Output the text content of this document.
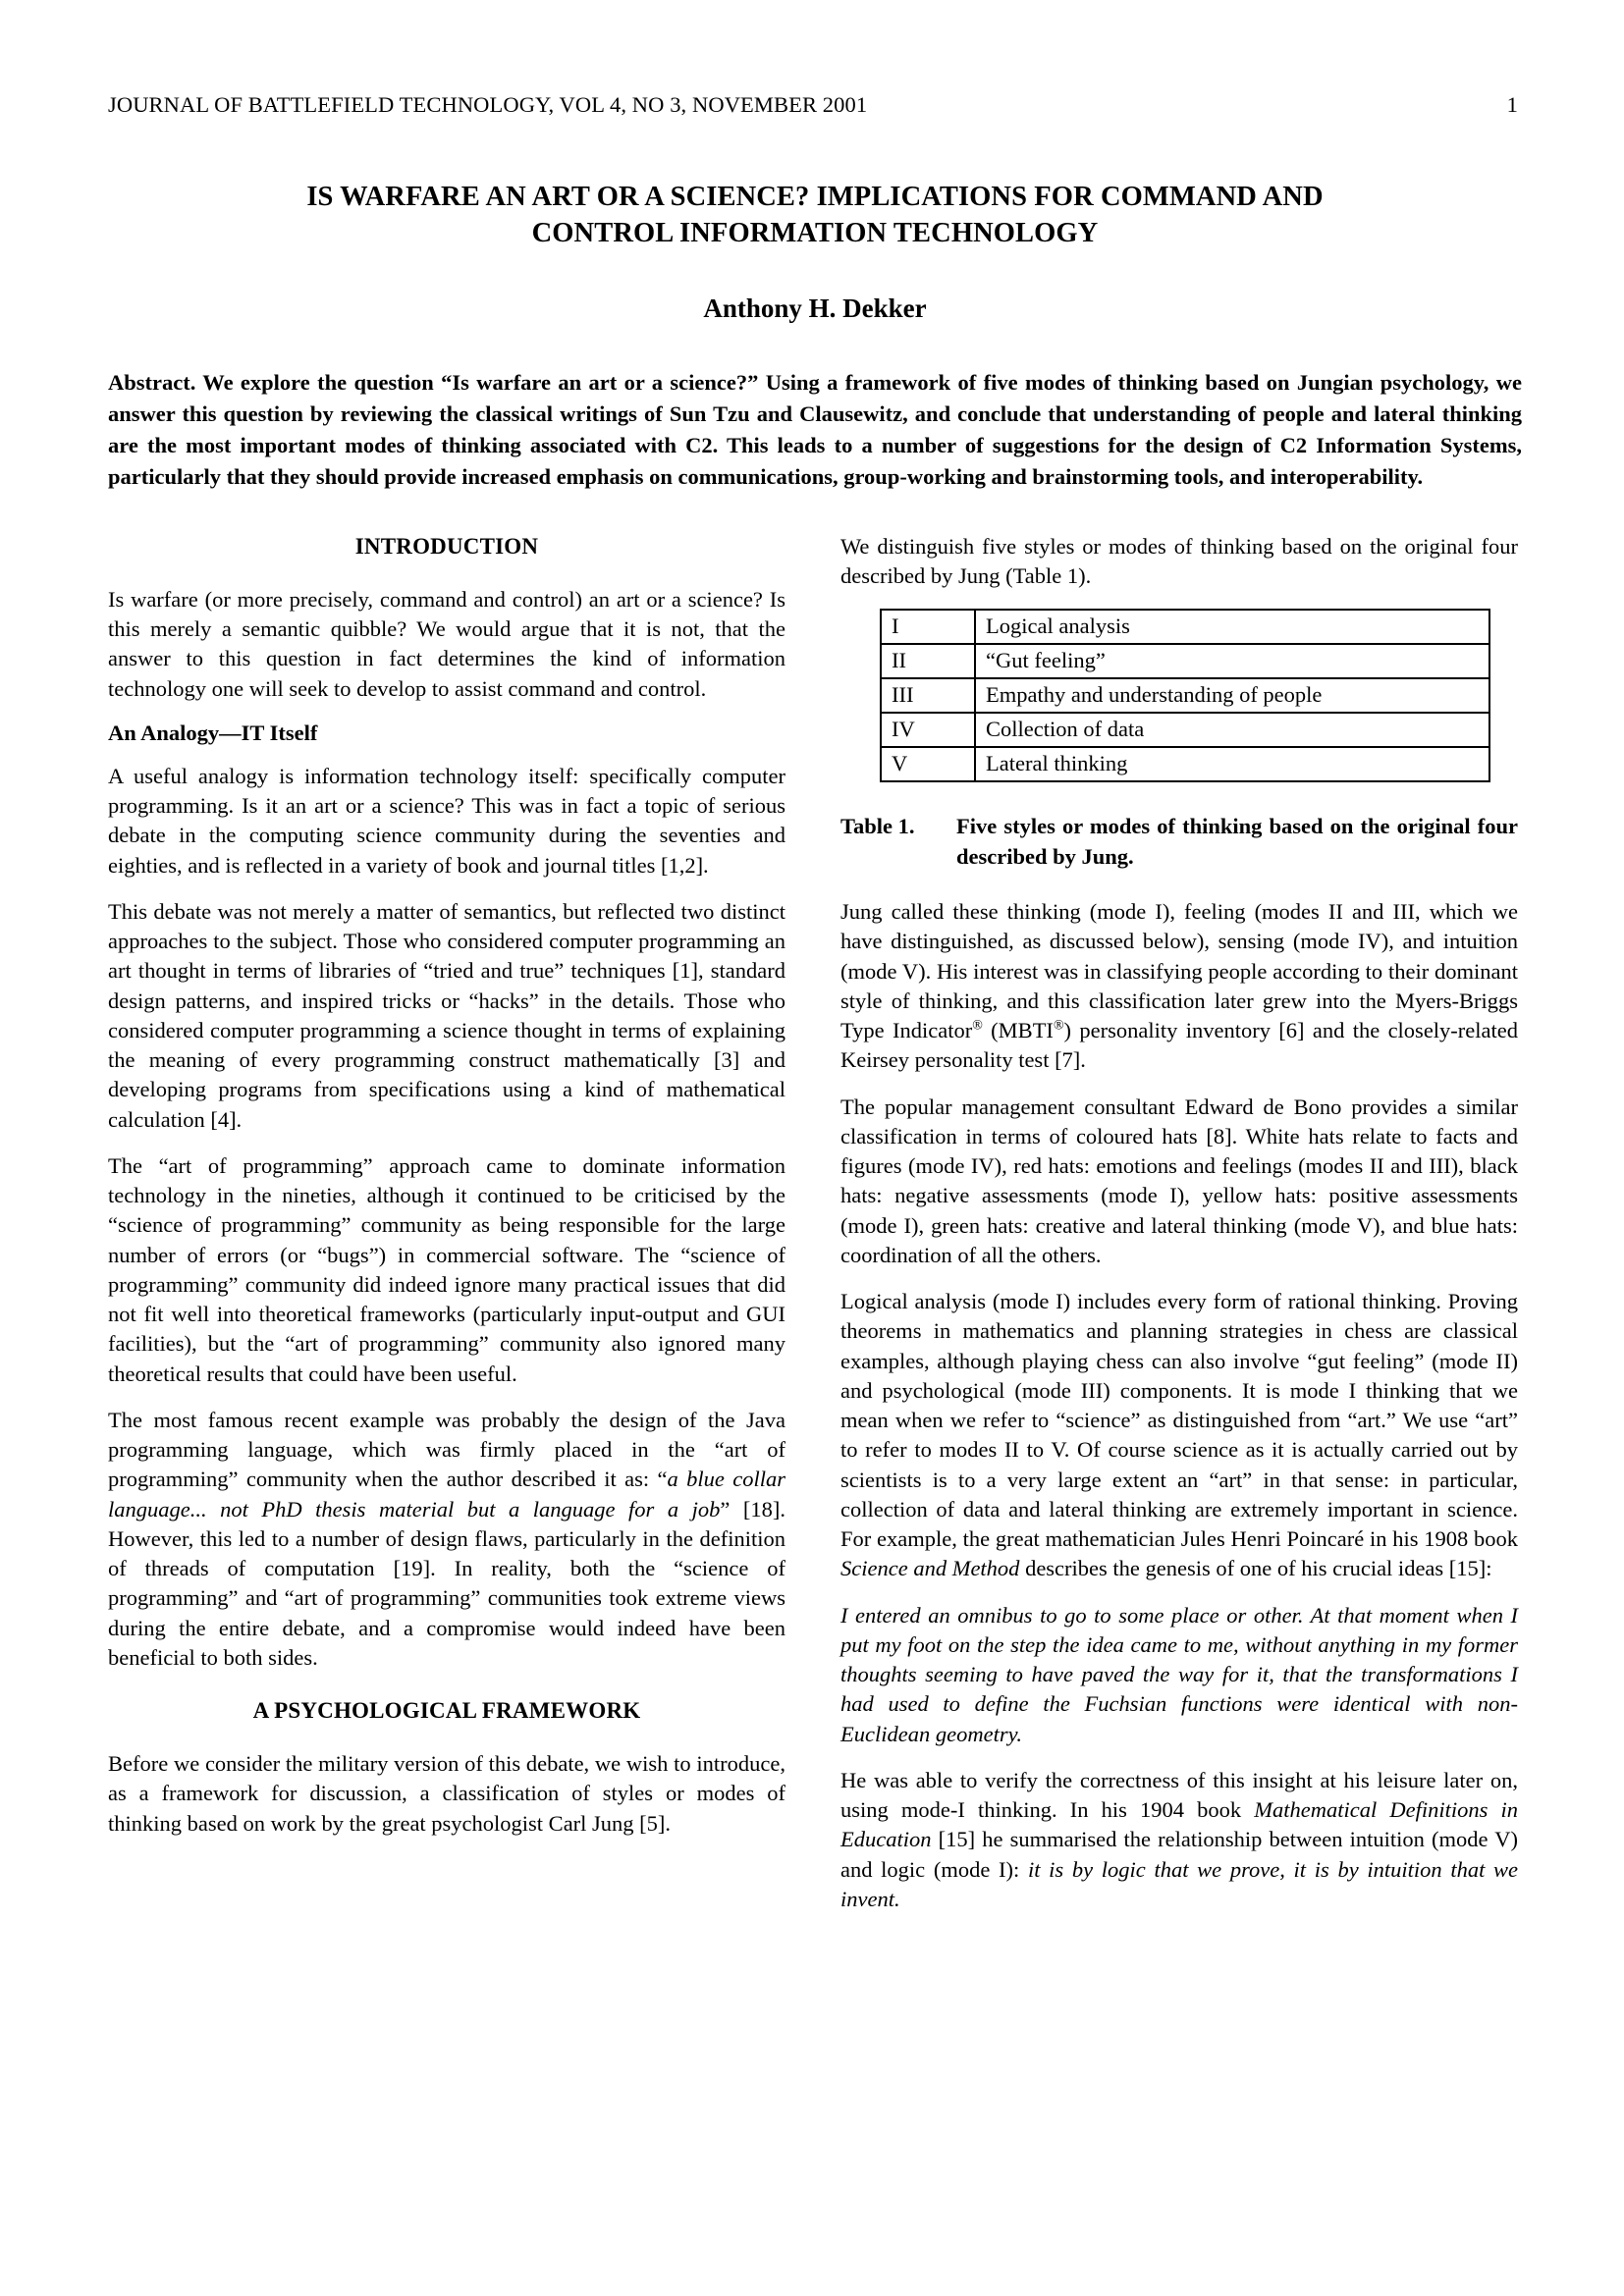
JOURNAL OF BATTLEFIELD TECHNOLOGY, VOL 4, NO 3, NOVEMBER 2001	1
IS WARFARE AN ART OR A SCIENCE? IMPLICATIONS FOR COMMAND AND
CONTROL INFORMATION TECHNOLOGY
Anthony H. Dekker
Abstract. We explore the question “Is warfare an art or a science?” Using a framework of five modes of thinking based on Jungian psychology, we answer this question by reviewing the classical writings of Sun Tzu and Clausewitz, and conclude that understanding of people and lateral thinking are the most important modes of thinking associated with C2. This leads to a number of suggestions for the design of C2 Information Systems, particularly that they should provide increased emphasis on communications, group-working and brainstorming tools, and interoperability.
INTRODUCTION

Is warfare (or more precisely, command and control) an art or a science? Is this merely a semantic quibble? We would argue that it is not, that the answer to this question in fact determines the kind of information technology one will seek to develop to assist command and control.

An Analogy—IT Itself

A useful analogy is information technology itself: specifically computer programming. Is it an art or a science? This was in fact a topic of serious debate in the computing science community during the seventies and eighties, and is reflected in a variety of book and journal titles [1,2].

This debate was not merely a matter of semantics, but reflected two distinct approaches to the subject. Those who considered computer programming an art thought in terms of libraries of “tried and true” techniques [1], standard design patterns, and inspired tricks or “hacks” in the details. Those who considered computer programming a science thought in terms of explaining the meaning of every programming construct mathematically [3] and developing programs from specifications using a kind of mathematical calculation [4].

The “art of programming” approach came to dominate information technology in the nineties, although it continued to be criticised by the “science of programming” community as being responsible for the large number of errors (or “bugs”) in commercial software. The “science of programming” community did indeed ignore many practical issues that did not fit well into theoretical frameworks (particularly input-output and GUI facilities), but the “art of programming” community also ignored many theoretical results that could have been useful.

The most famous recent example was probably the design of the Java programming language, which was firmly placed in the “art of programming” community when the author described it as: “a blue collar language... not PhD thesis material but a language for a job” [18]. However, this led to a number of design flaws, particularly in the definition of threads of computation [19]. In reality, both the “science of programming” and “art of programming” communities took extreme views during the entire debate, and a compromise would indeed have been beneficial to both sides.

A PSYCHOLOGICAL FRAMEWORK

Before we consider the military version of this debate, we wish to introduce, as a framework for discussion, a classification of styles or modes of thinking based on work by the great psychologist Carl Jung [5].

We distinguish five styles or modes of thinking based on the original four described by Jung (Table 1).

I	Logical analysis
II	“Gut feeling”
III	Empathy and understanding of people
IV	Collection of data
V	Lateral thinking
Table 1.	Five styles or modes of thinking based on the original four described by Jung.

Jung called these thinking (mode I), feeling (modes II and III, which we have distinguished, as discussed below), sensing (mode IV), and intuition (mode V). His interest was in classifying people according to their dominant style of thinking, and this classification later grew into the Myers-Briggs Type Indicator® (MBTI®) personality inventory [6] and the closely-related Keirsey personality test [7].

The popular management consultant Edward de Bono provides a similar classification in terms of coloured hats [8]. White hats relate to facts and figures (mode IV), red hats: emotions and feelings (modes II and III), black hats: negative assessments (mode I), yellow hats: positive assessments (mode I), green hats: creative and lateral thinking (mode V), and blue hats: coordination of all the others.

Logical analysis (mode I) includes every form of rational thinking. Proving theorems in mathematics and planning strategies in chess are classical examples, although playing chess can also involve “gut feeling” (mode II) and psychological (mode III) components. It is mode I thinking that we mean when we refer to “science” as distinguished from “art.” We use “art” to refer to modes II to V. Of course science as it is actually carried out by scientists is to a very large extent an “art” in that sense: in particular, collection of data and lateral thinking are extremely important in science. For example, the great mathematician Jules Henri Poincaré in his 1908 book Science and Method describes the genesis of one of his crucial ideas [15]:

I entered an omnibus to go to some place or other. At that moment when I put my foot on the step the idea came to me, without anything in my former thoughts seeming to have paved the way for it, that the transformations I had used to define the Fuchsian functions were identical with non-Euclidean geometry.

He was able to verify the correctness of this insight at his leisure later on, using mode-I thinking. In his 1904 book Mathematical Definitions in Education [15] he summarised the relationship between intuition (mode V) and logic (mode I): it is by logic that we prove, it is by intuition that we invent.
